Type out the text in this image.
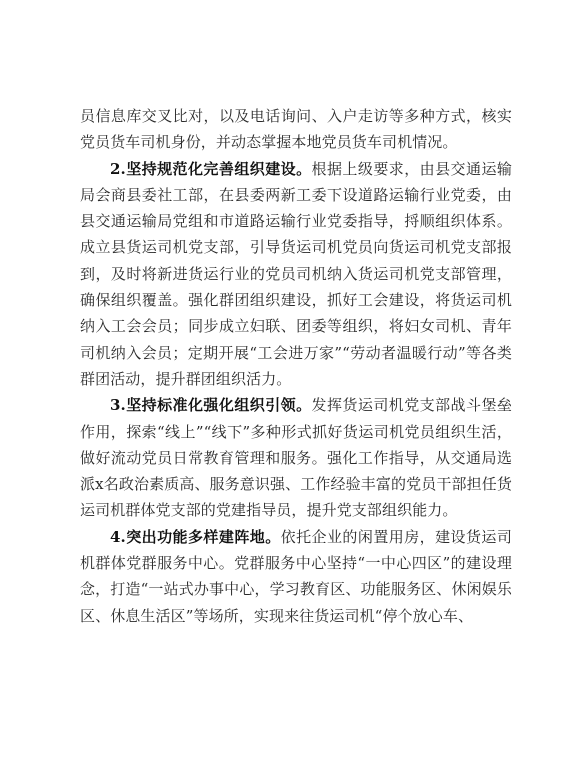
员信息库交叉比对，以及电话询问、入户走访等多种方式，核实党员货车司机身份，并动态掌握本地党员货车司机情况。

2.坚持规范化完善组织建设。根据上级要求，由县交通运输局会商县委社工部，在县委两新工委下设道路运输行业党委，由县交通运输局党组和市道路运输行业党委指导，捋顺组织体系。成立县货运司机党支部，引导货运司机党员向货运司机党支部报到，及时将新进货运行业的党员司机纳入货运司机党支部管理，确保组织覆盖。强化群团组织建设，抓好工会建设，将货运司机纳入工会会员；同步成立妇联、团委等组织，将妇女司机、青年司机纳入会员；定期开展“工会进万家”“劳动者温暖行动”等各类群团活动，提升群团组织活力。

3.坚持标准化强化组织引领。发挥货运司机党支部战斗堡垒作用，探索“线上”“线下”多种形式抓好货运司机党员组织生活，做好流动党员日常教育管理和服务。强化工作指导，从交通局选派x名政治素质高、服务意识强、工作经验丰富的党员干部担任货运司机群体党支部的党建指导员，提升党支部组织能力。

4.突出功能多样建阵地。依托企业的闲置用房，建设货运司机群体党群服务中心。党群服务中心坚持“一中心四区”的建设理念，打造“一站式办事中心，学习教育区、功能服务区、休闲娱乐区、休息生活区”等场所，实现来往货运司机“停个放心车、
